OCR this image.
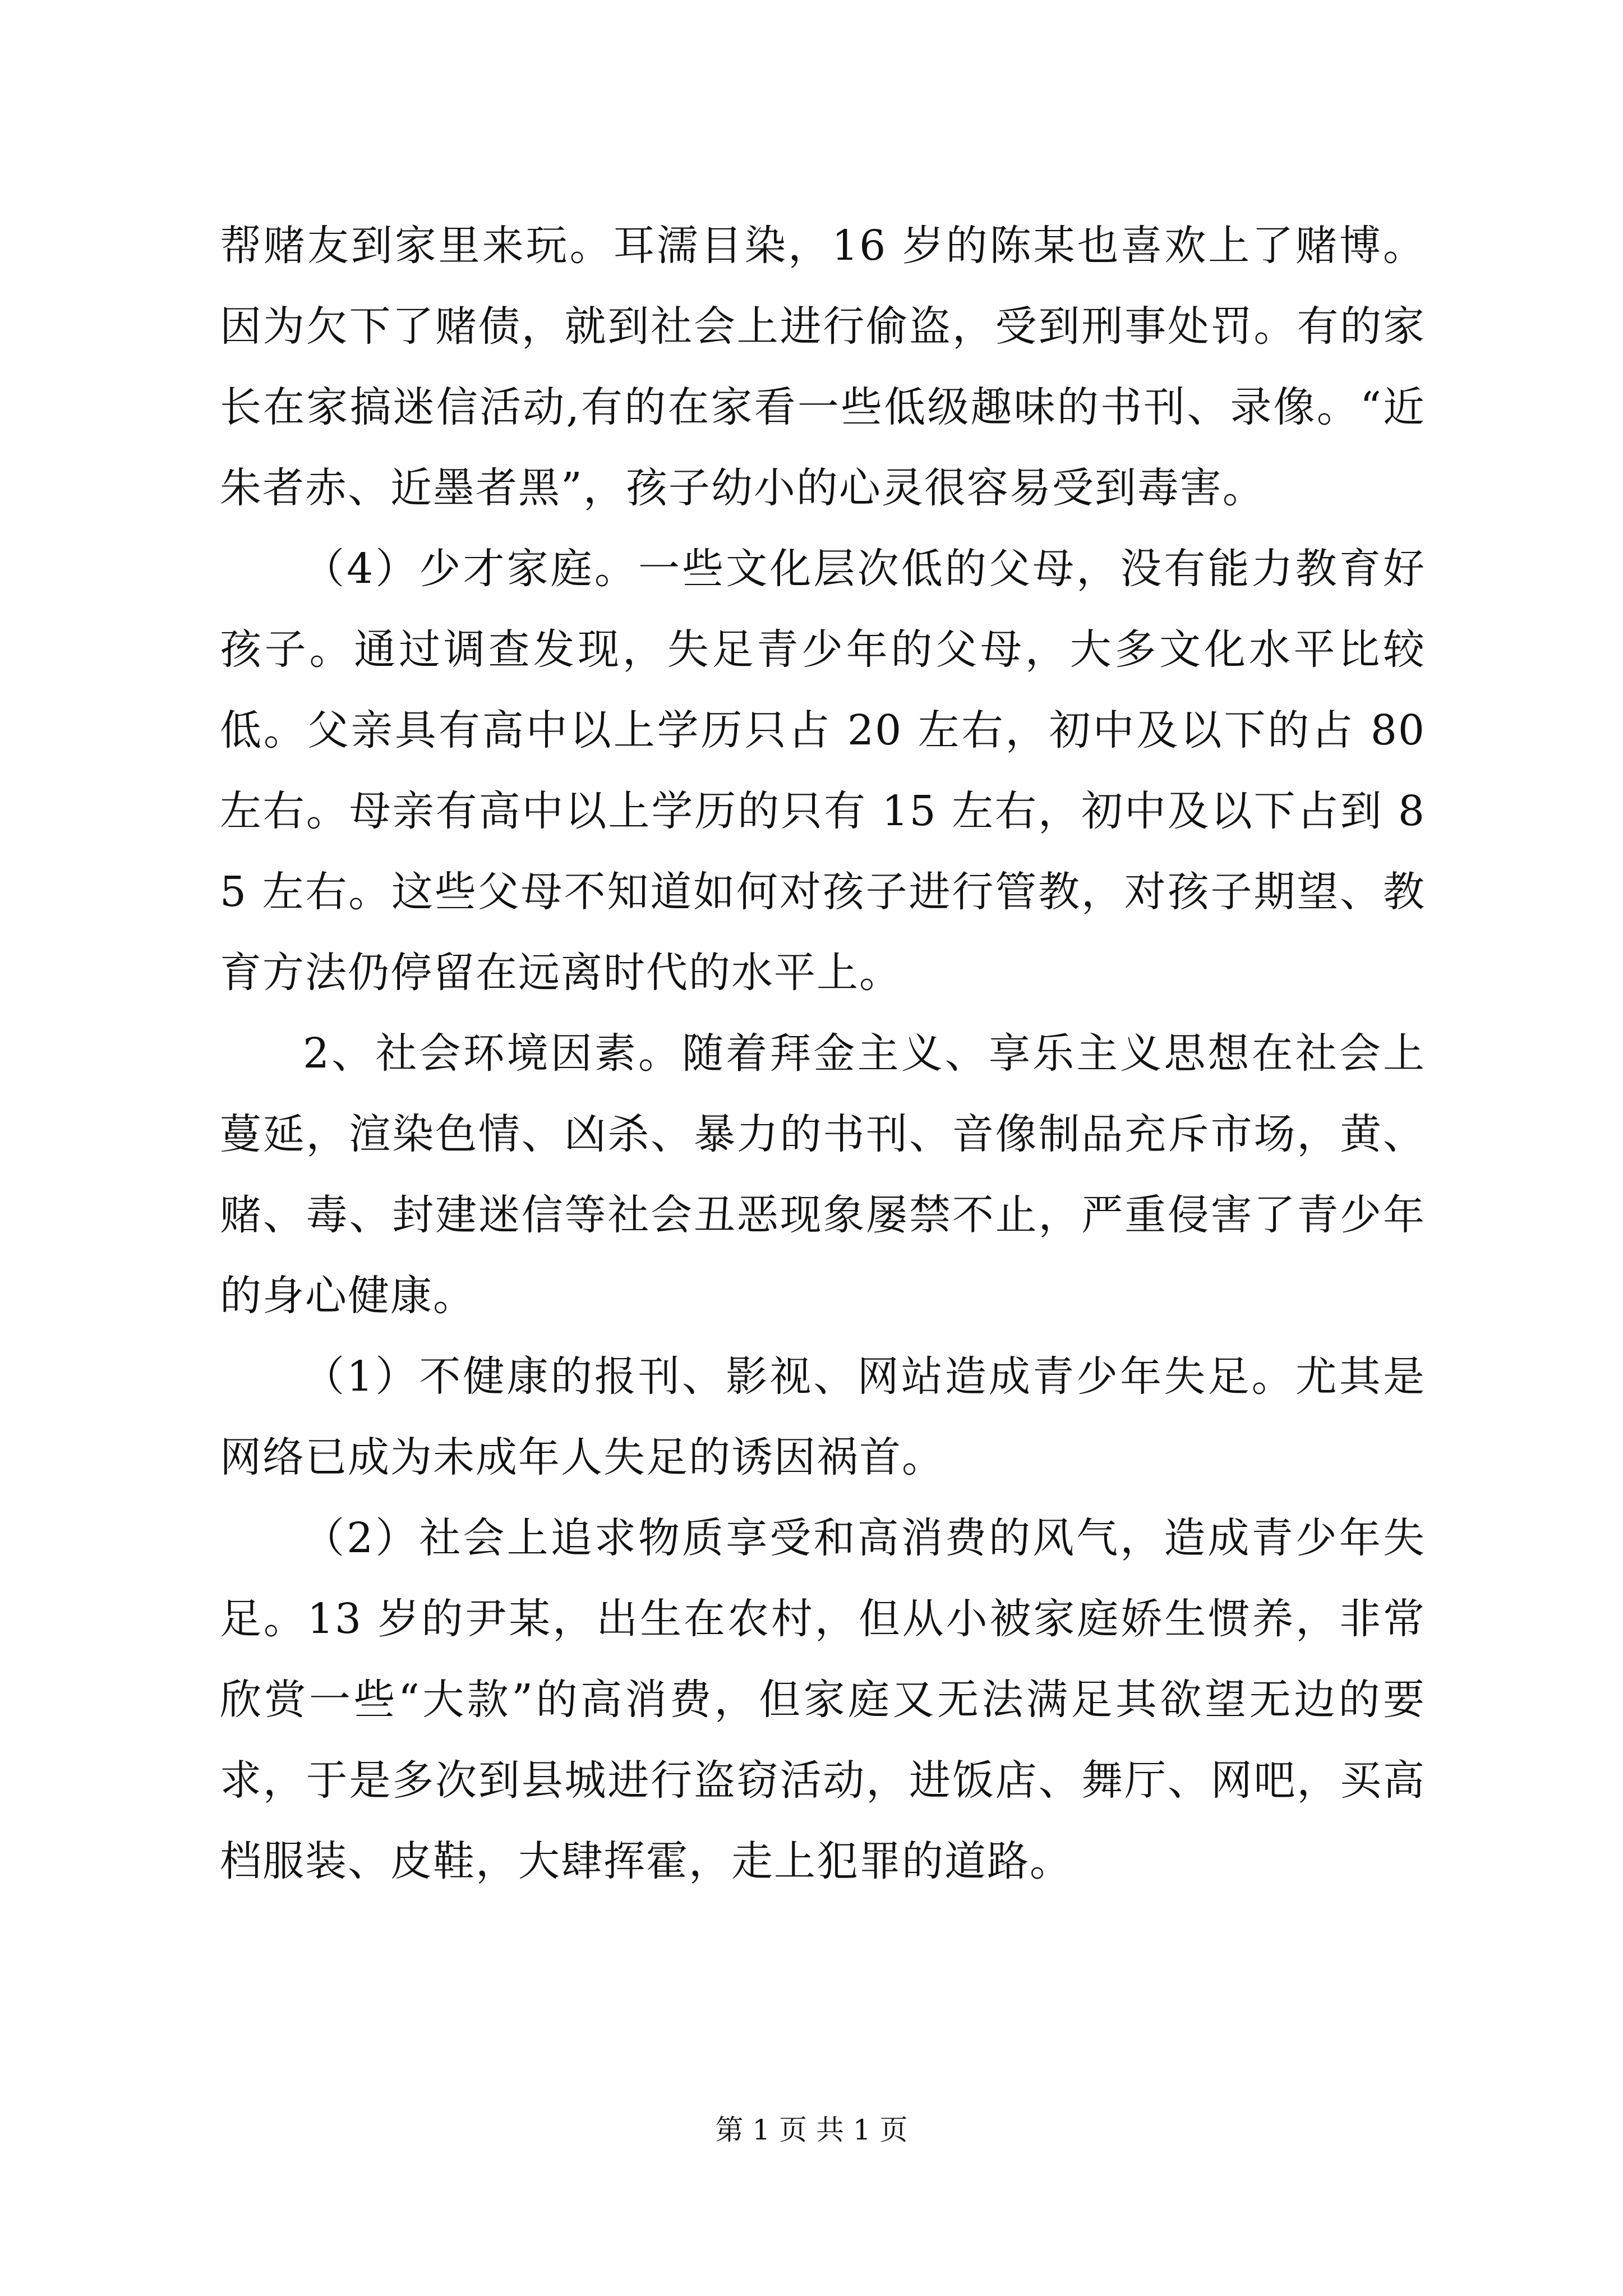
帮赌友到家里来玩。耳濡目染，16 岁的陈某也喜欢上了赌博。因为欠下了赌债，就到社会上进行偷盗，受到刑事处罚。有的家长在家搞迷信活动,有的在家看一些低级趣味的书刊、录像。“近朱者赤、近墨者黑”，孩子幼小的心灵很容易受到毒害。

（4）少才家庭。一些文化层次低的父母，没有能力教育好孩子。通过调查发现，失足青少年的父母，大多文化水平比较低。父亲具有高中以上学历只占 20 左右，初中及以下的占 80 左右。母亲有高中以上学历的只有 15 左右，初中及以下占到 85 左右。这些父母不知道如何对孩子进行管教，对孩子期望、教育方法仍停留在远离时代的水平上。

2、社会环境因素。随着拜金主义、享乐主义思想在社会上蔓延，渲染色情、凶杀、暴力的书刊、音像制品充斥市场，黄、赌、毒、封建迷信等社会丑恶现象屡禁不止，严重侵害了青少年的身心健康。

（1）不健康的报刊、影视、网站造成青少年失足。尤其是网络已成为未成年人失足的诱因祸首。

（2）社会上追求物质享受和高消费的风气，造成青少年失足。13 岁的尹某，出生在农村，但从小被家庭娇生惯养，非常欣赏一些“大款”的高消费，但家庭又无法满足其欲望无边的要求，于是多次到县城进行盗窃活动，进饭店、舞厅、网吧，买高档服装、皮鞋，大肆挥霍，走上犯罪的道路。

第 1 页 共 1 页
